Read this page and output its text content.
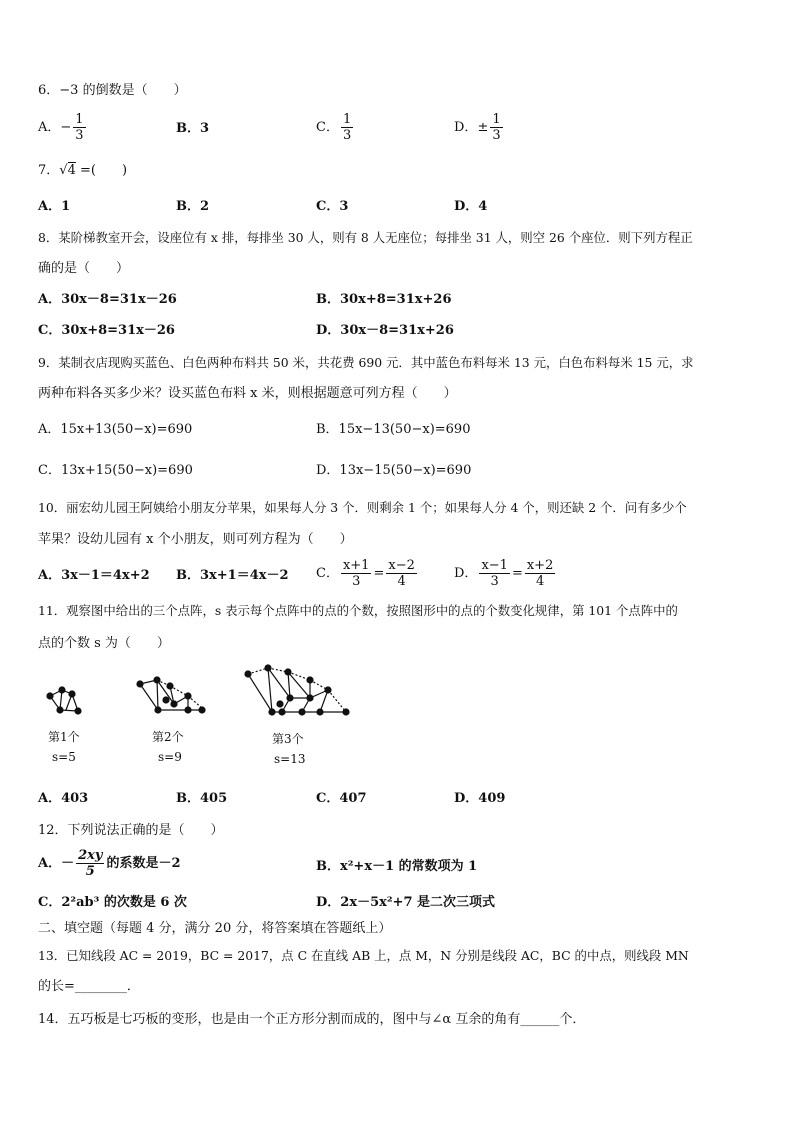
6．−3 的倒数是（　　）
A．− $\frac{1}{3}$	B．3	C． $\frac{1}{3}$	D．± $\frac{1}{3}$
7．√4 =(　　)
A．1	B．2	C．3	D．4
8．某阶梯教室开会，设座位有 x 排，每排坐 30 人，则有 8 人无座位；每排坐 31 人，则空 26 个座位．则下列方程正
确的是（　　）
A．30x－8=31x－26	B．30x+8=31x+26
C．30x+8=31x－26	D．30x－8=31x+26
9．某制衣店现购买蓝色、白色两种布料共 50 米，共花费 690 元．其中蓝色布料每米 13 元，白色布料每米 15 元，求
两种布料各买多少米？设买蓝色布料 x 米，则根据题意可列方程（　　）
A．15x+13(50−x)=690	B．15x−13(50−x)=690
C．13x+15(50−x)=690	D．13x−15(50−x)=690
10．丽宏幼儿园王阿姨给小朋友分苹果，如果每人分 3 个．则剩余 1 个；如果每人分 4 个，则还缺 2 个．问有多少个
苹果？设幼儿园有 x 个小朋友，则可列方程为（　　）
A．3x－1＝4x+2 B．3x+1＝4x－2 C． $\frac{x+1}{3} = \frac{x-2}{4}$	D． $\frac{x-1}{3} = \frac{x+2}{4}$
11．观察图中给出的三个点阵，s 表示每个点阵中的点的个数，按照图形中的点的个数变化规律，第 101 个点阵中的
点的个数 s 为（　　）
第1个
s=5
第2个
s=9
第3个
s=13
A．403	B．405	C．407	D．409
12．下列说法正确的是（　　）
A．－ $\frac{2xy}{5}$ 的系数是－2	B．x²+x－1 的常数项为 1
C．2²ab³ 的次数是 6 次	D．2x－5x²+7 是二次三项式
二、填空题（每题 4 分，满分 20 分，将答案填在答题纸上）
13．已知线段 AC = 2019，BC = 2017，点 C 在直线 AB 上，点 M，N 分别是线段 AC，BC 的中点，则线段 MN
的长=________．
14．五巧板是七巧板的变形，也是由一个正方形分割而成的，图中与∠α 互余的角有______个．
